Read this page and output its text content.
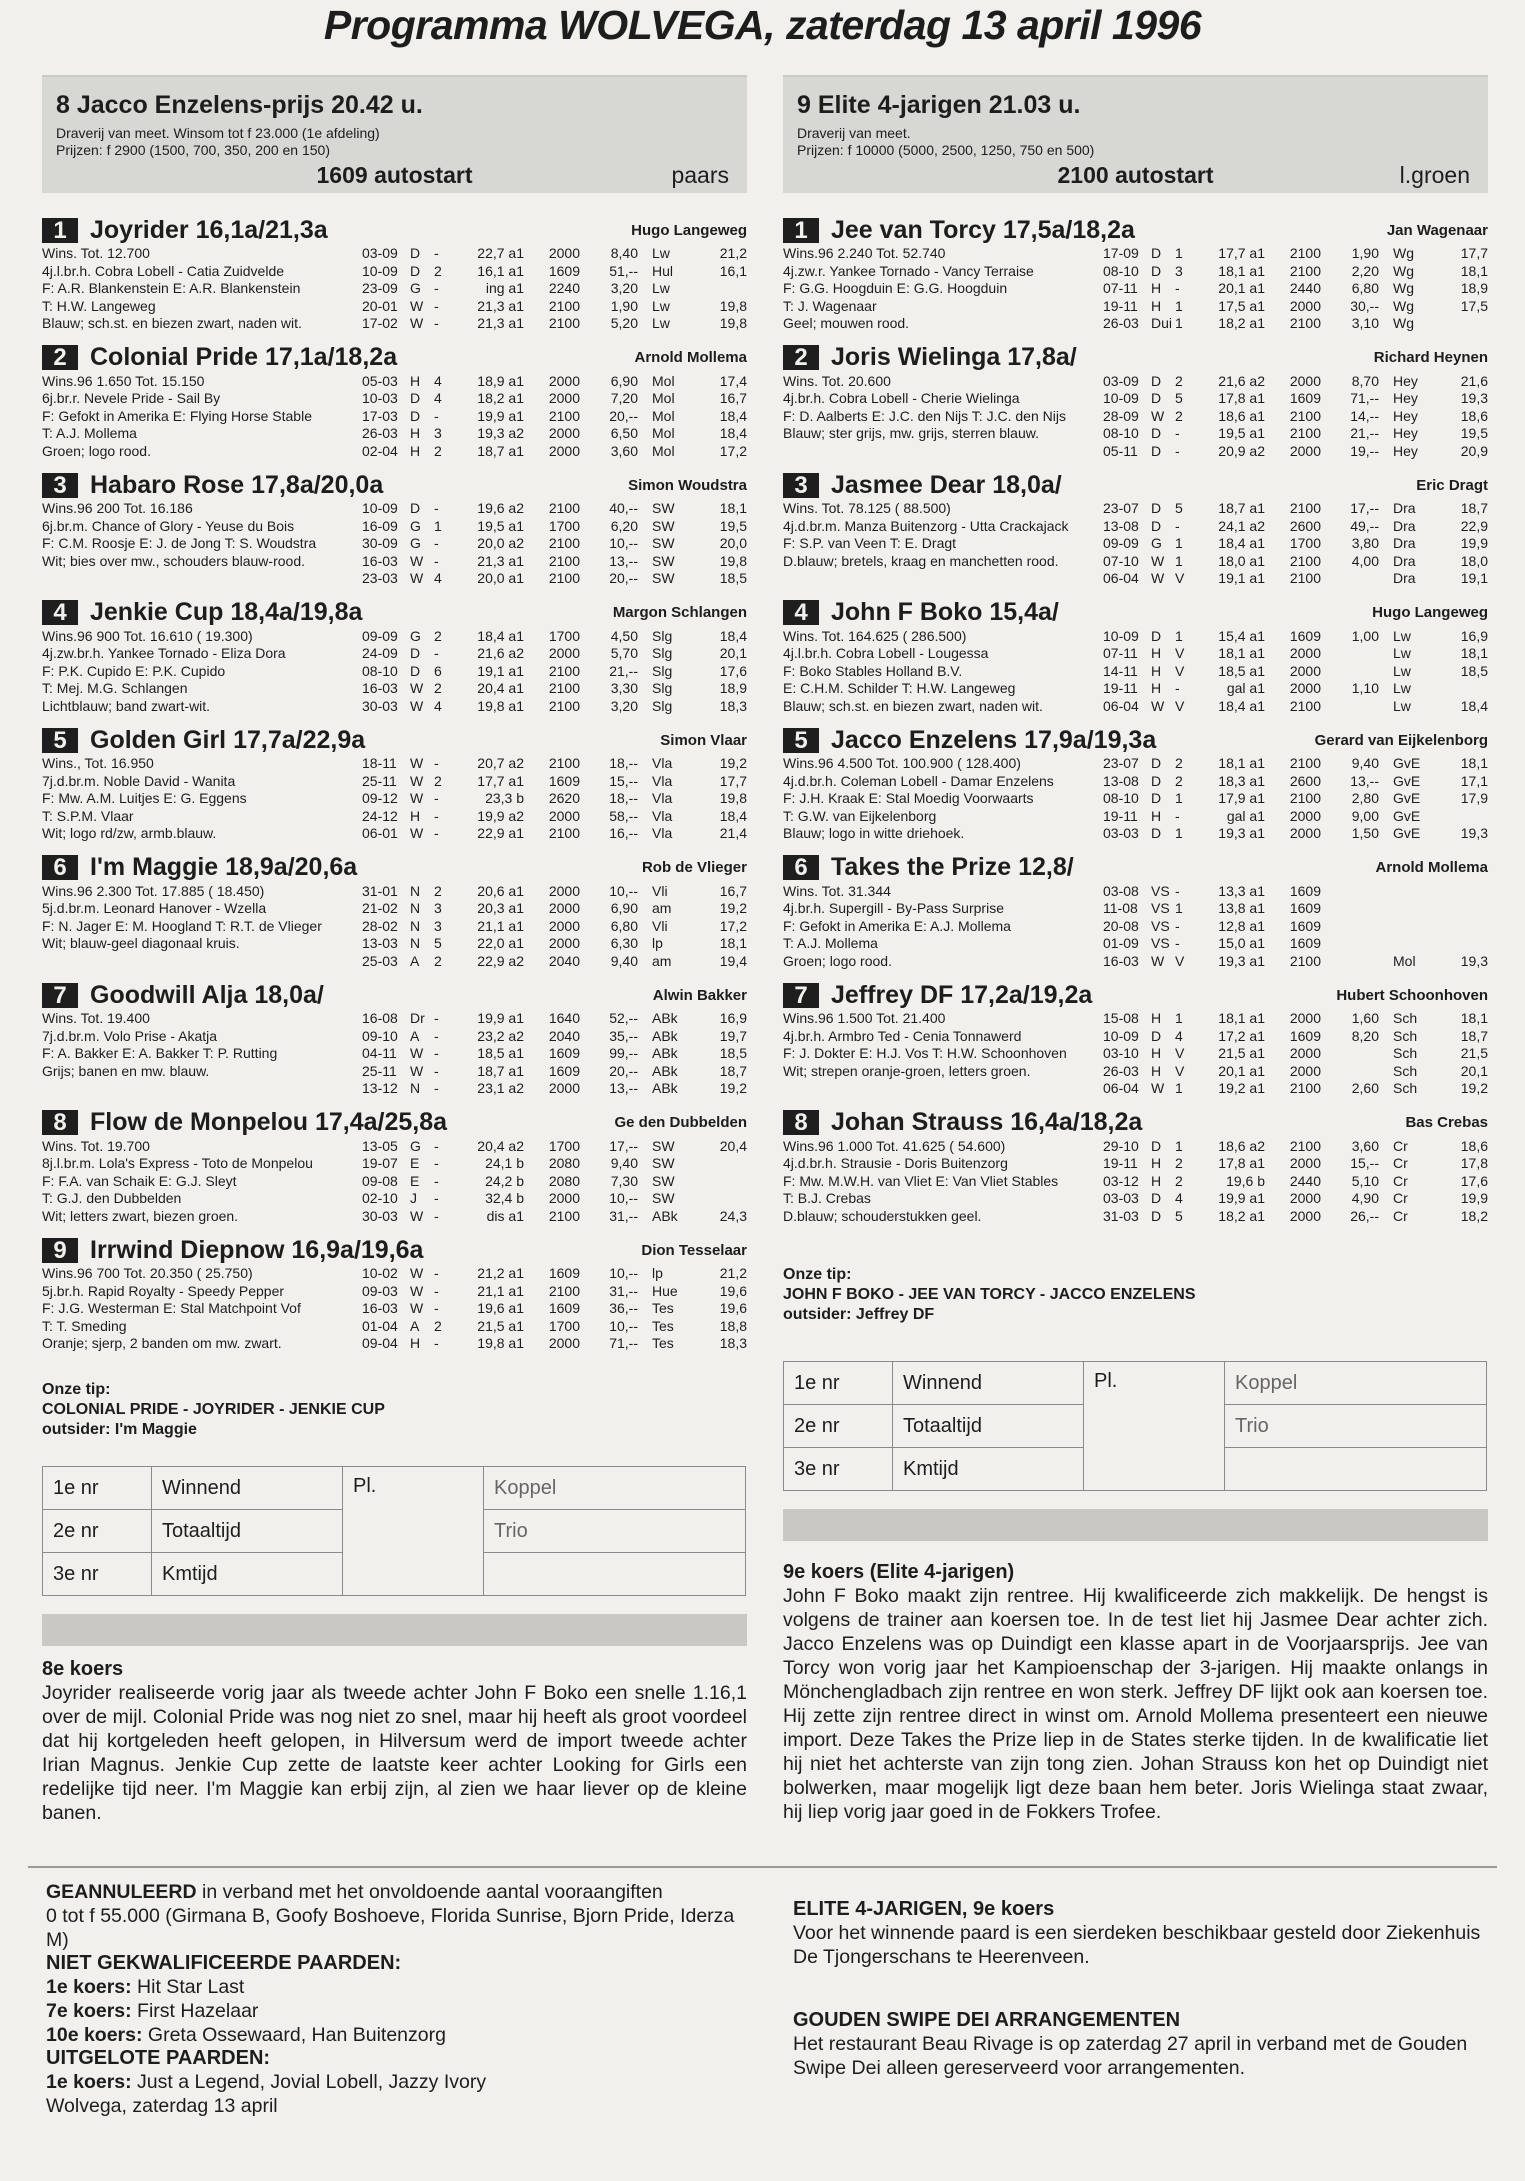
Programma WOLVEGA, zaterdag 13 april 1996
8 Jacco Enzelens-prijs 20.42 u.
Draverij van meet. Winsom tot f 23.000 (1e afdeling)
Prijzen: f 2900 (1500, 700, 350, 200 en 150)
1609 autostart	paars
1 Joyrider 16,1a/21,3a	Hugo Langeweg
Wins. Tot. 12.700
4j.l.br.h. Cobra Lobell - Catia Zuidvelde
F: A.R. Blankenstein E: A.R. Blankenstein
T: H.W. Langeweg
Blauw; sch.st. en biezen zwart, naden wit.
03-09 D -	22,7 a1	2000	8,40	Lw	21,2
10-09 D 2	16,1 a1	1609	51,--	Hul	16,1
23-09 G -	ing a1	2240	3,20	Lw
20-01 W -	21,3 a1	2100	1,90	Lw	19,8
17-02 W -	21,3 a1	2100	5,20	Lw	19,8
2 Colonial Pride 17,1a/18,2a	Arnold Mollema
Wins.96 1.650 Tot. 15.150
6j.br.r. Nevele Pride - Sail By
F: Gefokt in Amerika E: Flying Horse Stable
T: A.J. Mollema
Groen; logo rood.
05-03 H 4	18,9 a1	2000	6,90	Mol	17,4
10-03 D 4	18,2 a1	2000	7,20	Mol	16,7
17-03 D -	19,9 a1	2100	20,--	Mol	18,4
26-03 H 3	19,3 a2	2000	6,50	Mol	18,4
02-04 H 2	18,7 a1	2000	3,60	Mol	17,2
3 Habaro Rose 17,8a/20,0a	Simon Woudstra
Wins.96 200 Tot. 16.186
6j.br.m. Chance of Glory - Yeuse du Bois
F: C.M. Roosje E: J. de Jong T: S. Woudstra
Wit; bies over mw., schouders blauw-rood.
10-09 D -	19,6 a2	2100	40,--	SW	18,1
16-09 G 1	19,5 a1	1700	6,20	SW	19,5
30-09 G -	20,0 a2	2100	10,--	SW	20,0
16-03 W -	21,3 a1	2100	13,--	SW	19,8
23-03 W 4	20,0 a1	2100	20,--	SW	18,5
4 Jenkie Cup 18,4a/19,8a	Margon Schlangen
Wins.96 900 Tot. 16.610 ( 19.300)
4j.zw.br.h. Yankee Tornado - Eliza Dora
F: P.K. Cupido E: P.K. Cupido
T: Mej. M.G. Schlangen
Lichtblauw; band zwart-wit.
09-09 G 2	18,4 a1	1700	4,50	Slg	18,4
24-09 D -	21,6 a2	2000	5,70	Slg	20,1
08-10 D 6	19,1 a1	2100	21,--	Slg	17,6
16-03 W 2	20,4 a1	2100	3,30	Slg	18,9
30-03 W 4	19,8 a1	2100	3,20	Slg	18,3
5 Golden Girl 17,7a/22,9a	Simon Vlaar
Wins., Tot. 16.950
7j.d.br.m. Noble David - Wanita
F: Mw. A.M. Luitjes E: G. Eggens
T: S.P.M. Vlaar
Wit; logo rd/zw, armb.blauw.
18-11 W -	20,7 a2	2100	18,--	Vla	19,2
25-11 W 2	17,7 a1	1609	15,--	Vla	17,7
09-12 W -	23,3 b	2620	18,--	Vla	19,8
24-12 H -	19,9 a2	2000	58,--	Vla	18,4
06-01 W -	22,9 a1	2100	16,--	Vla	21,4
6 I'm Maggie 18,9a/20,6a	Rob de Vlieger
Wins.96 2.300 Tot. 17.885 ( 18.450)
5j.d.br.m. Leonard Hanover - Wzella
F: N. Jager E: M. Hoogland T: R.T. de Vlieger
Wit; blauw-geel diagonaal kruis.
31-01 N 2	20,6 a1	2000	10,--	Vli	16,7
21-02 N 3	20,3 a1	2000	6,90	am	19,2
28-02 N 3	21,1 a1	2000	6,80	Vli	17,2
13-03 N 5	22,0 a1	2000	6,30	lp	18,1
25-03 A	2	22,9 a2	2040	9,40	am	19,4
7 Goodwill Alja 18,0a/	Alwin Bakker
Wins. Tot. 19.400
7j.d.br.m. Volo Prise - Akatja
F: A. Bakker E: A. Bakker T: P. Rutting
Grijs; banen en mw. blauw.
16-08 Dr -	19,9 a1	1640	52,--	ABk	16,9
09-10 A	-	23,2 a2	2040	35,--	ABk	19,7
04-11 W -	18,5 a1	1609	99,--	ABk	18,5
25-11 W -	18,7 a1	1609	20,--	ABk	18,7
13-12 N -	23,1 a2	2000	13,--	ABk	19,2
8 Flow de Monpelou 17,4a/25,8a	Ge den Dubbelden
Wins. Tot. 19.700
8j.l.br.m. Lola's Express - Toto de Monpelou
F: F.A. van Schaik E: G.J. Sleyt
T: G.J. den Dubbelden
Wit; letters zwart, biezen groen.
13-05 G -	20,4 a2	1700	17,--	SW	20,4
19-07 E	-	24,1 b	2080	9,40	SW
09-08 E	-	24,2 b	2080	7,30	SW
02-10 J	-	32,4 b	2000	10,--	SW
30-03 W -	dis a1	2100	31,--	ABk	24,3
9 Irrwind Diepnow 16,9a/19,6a	Dion Tesselaar
Wins.96 700 Tot. 20.350 ( 25.750)
5j.br.h. Rapid Royalty - Speedy Pepper
F: J.G. Westerman E: Stal Matchpoint Vof
T: T. Smeding
Oranje; sjerp, 2 banden om mw. zwart.
10-02 W -	21,2 a1	1609	10,--	lp	21,2
09-03 W -	21,1 a1	2100	31,--	Hue	19,6
16-03 W -	19,6 a1	1609	36,--	Tes	19,6
01-04 A	2	21,5 a1	1700	10,--	Tes	18,8
09-04 H -	19,8 a1	2000	71,--	Tes	18,3
9 Elite 4-jarigen 21.03 u.
Draverij van meet.
Prijzen: f 10000 (5000, 2500, 1250, 750 en 500)
2100 autostart	l.groen
1 Jee van Torcy 17,5a/18,2a	Jan Wagenaar
Wins.96 2.240 Tot. 52.740
4j.zw.r. Yankee Tornado - Vancy Terraise
F: G.G. Hoogduin E: G.G. Hoogduin
T: J. Wagenaar
Geel; mouwen rood.
17-09 D 1	17,7 a1	2100	1,90	Wg	17,7
08-10 D 3	18,1 a1	2100	2,20	Wg	18,1
07-11 H -	20,1 a1	2440	6,80	Wg	18,9
19-11 H 1	17,5 a1	2000	30,--	Wg	17,5
26-03 Dui 1	18,2 a1	2100	3,10	Wg
2 Joris Wielinga 17,8a/	Richard Heynen
Wins. Tot. 20.600
4j.br.h. Cobra Lobell - Cherie Wielinga
F: D. Aalberts E: J.C. den Nijs T: J.C. den Nijs
Blauw; ster grijs, mw. grijs, sterren blauw.
03-09 D 2	21,6 a2	2000	8,70	Hey	21,6
10-09 D 5	17,8 a1	1609	71,--	Hey	19,3
28-09 W 2	18,6 a1	2100	14,--	Hey	18,6
08-10 D -	19,5 a1	2100	21,--	Hey	19,5
05-11 D -	20,9 a2	2000	19,--	Hey	20,9
3 Jasmee Dear 18,0a/	Eric Dragt
Wins. Tot. 78.125 ( 88.500)
4j.d.br.m. Manza Buitenzorg - Utta Crackajack
F: S.P. van Veen T: E. Dragt
D.blauw; bretels, kraag en manchetten rood.
23-07 D 5	18,7 a1	2100	17,--	Dra	18,7
13-08 D -	24,1 a2	2600	49,--	Dra	22,9
09-09 G 1	18,4 a1	1700	3,80	Dra	19,9
07-10 W 1	18,0 a1	2100	4,00	Dra	18,0
06-04 W V	19,1 a1	2100	Dra	19,1
4 John F Boko 15,4a/	Hugo Langeweg
Wins. Tot. 164.625 ( 286.500)
4j.l.br.h. Cobra Lobell - Lougessa
F: Boko Stables Holland B.V.
E: C.H.M. Schilder T: H.W. Langeweg
Blauw; sch.st. en biezen zwart, naden wit.
10-09 D 1	15,4 a1	1609	1,00	Lw	16,9
07-11 H V	18,1 a1	2000	Lw	18,1
14-11 H V	18,5 a1	2000	Lw	18,5
19-11 H -	gal a1	2000	1,10	Lw
06-04 W V	18,4 a1	2100	Lw	18,4
5 Jacco Enzelens 17,9a/19,3a	Gerard van Eijkelenborg
Wins.96 4.500 Tot. 100.900 ( 128.400)
4j.d.br.h. Coleman Lobell - Damar Enzelens
F: J.H. Kraak E: Stal Moedig Voorwaarts
T: G.W. van Eijkelenborg
Blauw; logo in witte driehoek.
23-07 D 2	18,1 a1	2100	9,40	GvE	18,1
13-08 D 2	18,3 a1	2600	13,--	GvE	17,1
08-10 D 1	17,9 a1	2100	2,80	GvE	17,9
19-11 H -	gal a1	2000	9,00	GvE
03-03 D 1	19,3 a1	2000	1,50	GvE	19,3
6 Takes the Prize 12,8/	Arnold Mollema
Wins. Tot. 31.344
4j.br.h. Supergill - By-Pass Surprise
F: Gefokt in Amerika E: A.J. Mollema
T: A.J. Mollema
Groen; logo rood.
03-08 VS -	13,3 a1	1609
11-08 VS 1	13,8 a1	1609
20-08 VS -	12,8 a1	1609
01-09 VS -	15,0 a1	1609
16-03 W V	19,3 a1	2100	Mol	19,3
7 Jeffrey DF 17,2a/19,2a	Hubert Schoonhoven
Wins.96 1.500 Tot. 21.400
4j.br.h. Armbro Ted - Cenia Tonnawerd
F: J. Dokter E: H.J. Vos T: H.W. Schoonhoven
Wit; strepen oranje-groen, letters groen.
15-08 H 1	18,1 a1	2000	1,60	Sch	18,1
10-09 D 4	17,2 a1	1609	8,20	Sch	18,7
03-10 H V	21,5 a1	2000	Sch	21,5
26-03 H V	20,1 a1	2000	Sch	20,1
06-04 W 1	19,2 a1	2100	2,60	Sch	19,2
8 Johan Strauss 16,4a/18,2a	Bas Crebas
Wins.96 1.000 Tot. 41.625 ( 54.600)
4j.d.br.h. Strausie - Doris Buitenzorg
F: Mw. M.W.H. van Vliet E: Van Vliet Stables
T: B.J. Crebas
D.blauw; schouderstukken geel.
29-10 D 1	18,6 a2	2100	3,60	Cr	18,6
19-11 H 2	17,8 a1	2000	15,--	Cr	17,8
03-12 H 2	19,6 b	2440	5,10	Cr	17,6
03-03 D 4	19,9 a1	2000	4,90	Cr	19,9
31-03 D 5	18,2 a1	2000	26,--	Cr	18,2
Onze tip:
COLONIAL PRIDE - JOYRIDER - JENKIE CUP
outsider: I'm Maggie
1e nr	Winnend	Pl.	Koppel
2e nr	Totaaltijd		Trio
3e nr	Kmtijd		
8e koers
Joyrider realiseerde vorig jaar als tweede achter John F Boko een snelle 1.16,1 over de mijl. Colonial Pride was nog niet zo snel, maar hij heeft als groot voordeel dat hij kortgeleden heeft gelopen, in Hilversum werd de import tweede achter Irian Magnus. Jenkie Cup zette de laatste keer achter Looking for Girls een redelijke tijd neer. I'm Maggie kan erbij zijn, al zien we haar liever op de kleine banen.
Onze tip:
JOHN F BOKO - JEE VAN TORCY - JACCO ENZELENS
outsider: Jeffrey DF
1e nr	Winnend	Pl.	Koppel
2e nr	Totaaltijd		Trio
3e nr	Kmtijd		
9e koers (Elite 4-jarigen)
John F Boko maakt zijn rentree. Hij kwalificeerde zich makkelijk. De hengst is volgens de trainer aan koersen toe. In de test liet hij Jasmee Dear achter zich. Jacco Enzelens was op Duindigt een klasse apart in de Voorjaarsprijs. Jee van Torcy won vorig jaar het Kampioenschap der 3-jarigen. Hij maakte onlangs in Mönchengladbach zijn rentree en won sterk. Jeffrey DF lijkt ook aan koersen toe. Hij zette zijn rentree direct in winst om. Arnold Mollema presenteert een nieuwe import. Deze Takes the Prize liep in de States sterke tijden. In de kwalificatie liet hij niet het achterste van zijn tong zien. Johan Strauss kon het op Duindigt niet bolwerken, maar mogelijk ligt deze baan hem beter. Joris Wielinga staat zwaar, hij liep vorig jaar goed in de Fokkers Trofee.
GEANNULEERD in verband met het onvoldoende aantal vooraangiften
0 tot f 55.000 (Girmana B, Goofy Boshoeve, Florida Sunrise, Bjorn Pride, Iderza M)
NIET GEKWALIFICEERDE PAARDEN:
1e koers: Hit Star Last
7e koers: First Hazelaar
10e koers: Greta Ossewaard, Han Buitenzorg
UITGELOTE PAARDEN:
1e koers: Just a Legend, Jovial Lobell, Jazzy Ivory
Wolvega, zaterdag 13 april
ELITE 4-JARIGEN, 9e koers
Voor het winnende paard is een sierdeken beschikbaar gesteld door Ziekenhuis De Tjongerschans te Heerenveen.
GOUDEN SWIPE DEI ARRANGEMENTEN
Het restaurant Beau Rivage is op zaterdag 27 april in verband met de Gouden Swipe Dei alleen gereserveerd voor arrangementen.
